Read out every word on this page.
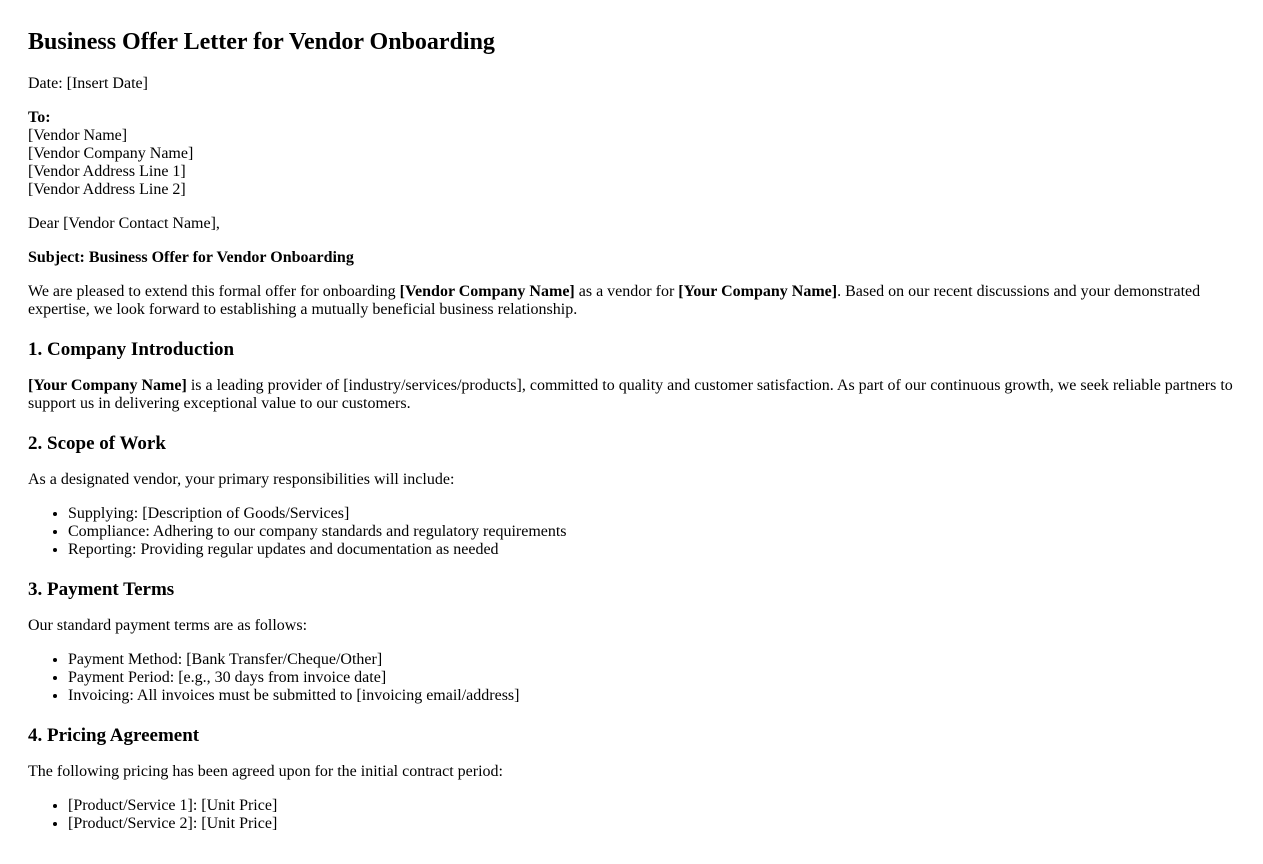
Business Offer Letter for Vendor Onboarding

Date: [Insert Date]

To:
[Vendor Name]
[Vendor Company Name]
[Vendor Address Line 1]
[Vendor Address Line 2]

Dear [Vendor Contact Name],

Subject: Business Offer for Vendor Onboarding

We are pleased to extend this formal offer for onboarding [Vendor Company Name] as a vendor for [Your Company Name]. Based on our recent discussions and your demonstrated expertise, we look forward to establishing a mutually beneficial business relationship.

1. Company Introduction

[Your Company Name] is a leading provider of [industry/services/products], committed to quality and customer satisfaction. As part of our continuous growth, we seek reliable partners to support us in delivering exceptional value to our customers.

2. Scope of Work

As a designated vendor, your primary responsibilities will include:

• Supplying: [Description of Goods/Services]
• Compliance: Adhering to our company standards and regulatory requirements
• Reporting: Providing regular updates and documentation as needed
3. Payment Terms

Our standard payment terms are as follows:

• Payment Method: [Bank Transfer/Cheque/Other]
• Payment Period: [e.g., 30 days from invoice date]
• Invoicing: All invoices must be submitted to [invoicing email/address]
4. Pricing Agreement

The following pricing has been agreed upon for the initial contract period:

• [Product/Service 1]: [Unit Price]
• [Product/Service 2]: [Unit Price]
